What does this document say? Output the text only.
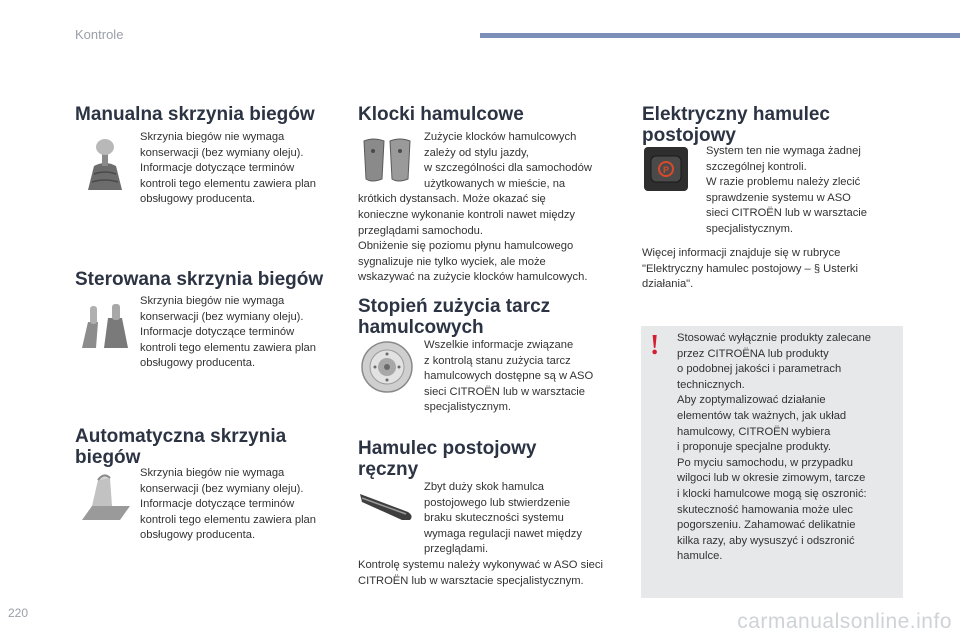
Kontrole
Manualna skrzynia biegów
Skrzynia biegów nie wymaga
konserwacji (bez wymiany oleju).
Informacje dotyczące terminów
kontroli tego elementu zawiera plan
obsługowy producenta.
Sterowana skrzynia biegów
Skrzynia biegów nie wymaga
konserwacji (bez wymiany oleju).
Informacje dotyczące terminów
kontroli tego elementu zawiera plan
obsługowy producenta.
Automatyczna skrzynia
biegów
Skrzynia biegów nie wymaga
konserwacji (bez wymiany oleju).
Informacje dotyczące terminów
kontroli tego elementu zawiera plan
obsługowy producenta.
Klocki hamulcowe
Zużycie klocków hamulcowych
zależy od stylu jazdy,
w szczególności dla samochodów
użytkowanych w mieście, na
krótkich dystansach. Może okazać się
konieczne wykonanie kontroli nawet między
przeglądami samochodu.
Obniżenie się poziomu płynu hamulcowego
sygnalizuje nie tylko wyciek, ale może
wskazywać na zużycie klocków hamulcowych.
Stopień zużycia tarcz
hamulcowych
Wszelkie informacje związane
z kontrolą stanu zużycia tarcz
hamulcowych dostępne są w ASO
sieci CITROËN lub w warsztacie
specjalistycznym.
Hamulec postojowy
ręczny
Zbyt duży skok hamulca
postojowego lub stwierdzenie
braku skuteczności systemu
wymaga regulacji nawet między
przeglądami.
Kontrolę systemu należy wykonywać w ASO sieci
CITROËN lub w warsztacie specjalistycznym.
Elektryczny hamulec
postojowy
P
System ten nie wymaga żadnej
szczególnej kontroli.
W razie problemu należy zlecić
sprawdzenie systemu w ASO
sieci CITROËN lub w warsztacie
specjalistycznym.
Więcej informacji znajduje się w rubryce
"Elektryczny hamulec postojowy – § Usterki
działania".
! Stosować wyłącznie produkty zalecane
przez CITROËNA lub produkty
o podobnej jakości i parametrach
technicznych.
Aby zoptymalizować działanie
elementów tak ważnych, jak układ
hamulcowy, CITROËN wybiera
i proponuje specjalne produkty.
Po myciu samochodu, w przypadku
wilgoci lub w okresie zimowym, tarcze
i klocki hamulcowe mogą się oszronić:
skuteczność hamowania może ulec
pogorszeniu. Zahamować delikatnie
kilka razy, aby wysuszyć i odszronić
hamulce.
220	carmanualsonline.info
